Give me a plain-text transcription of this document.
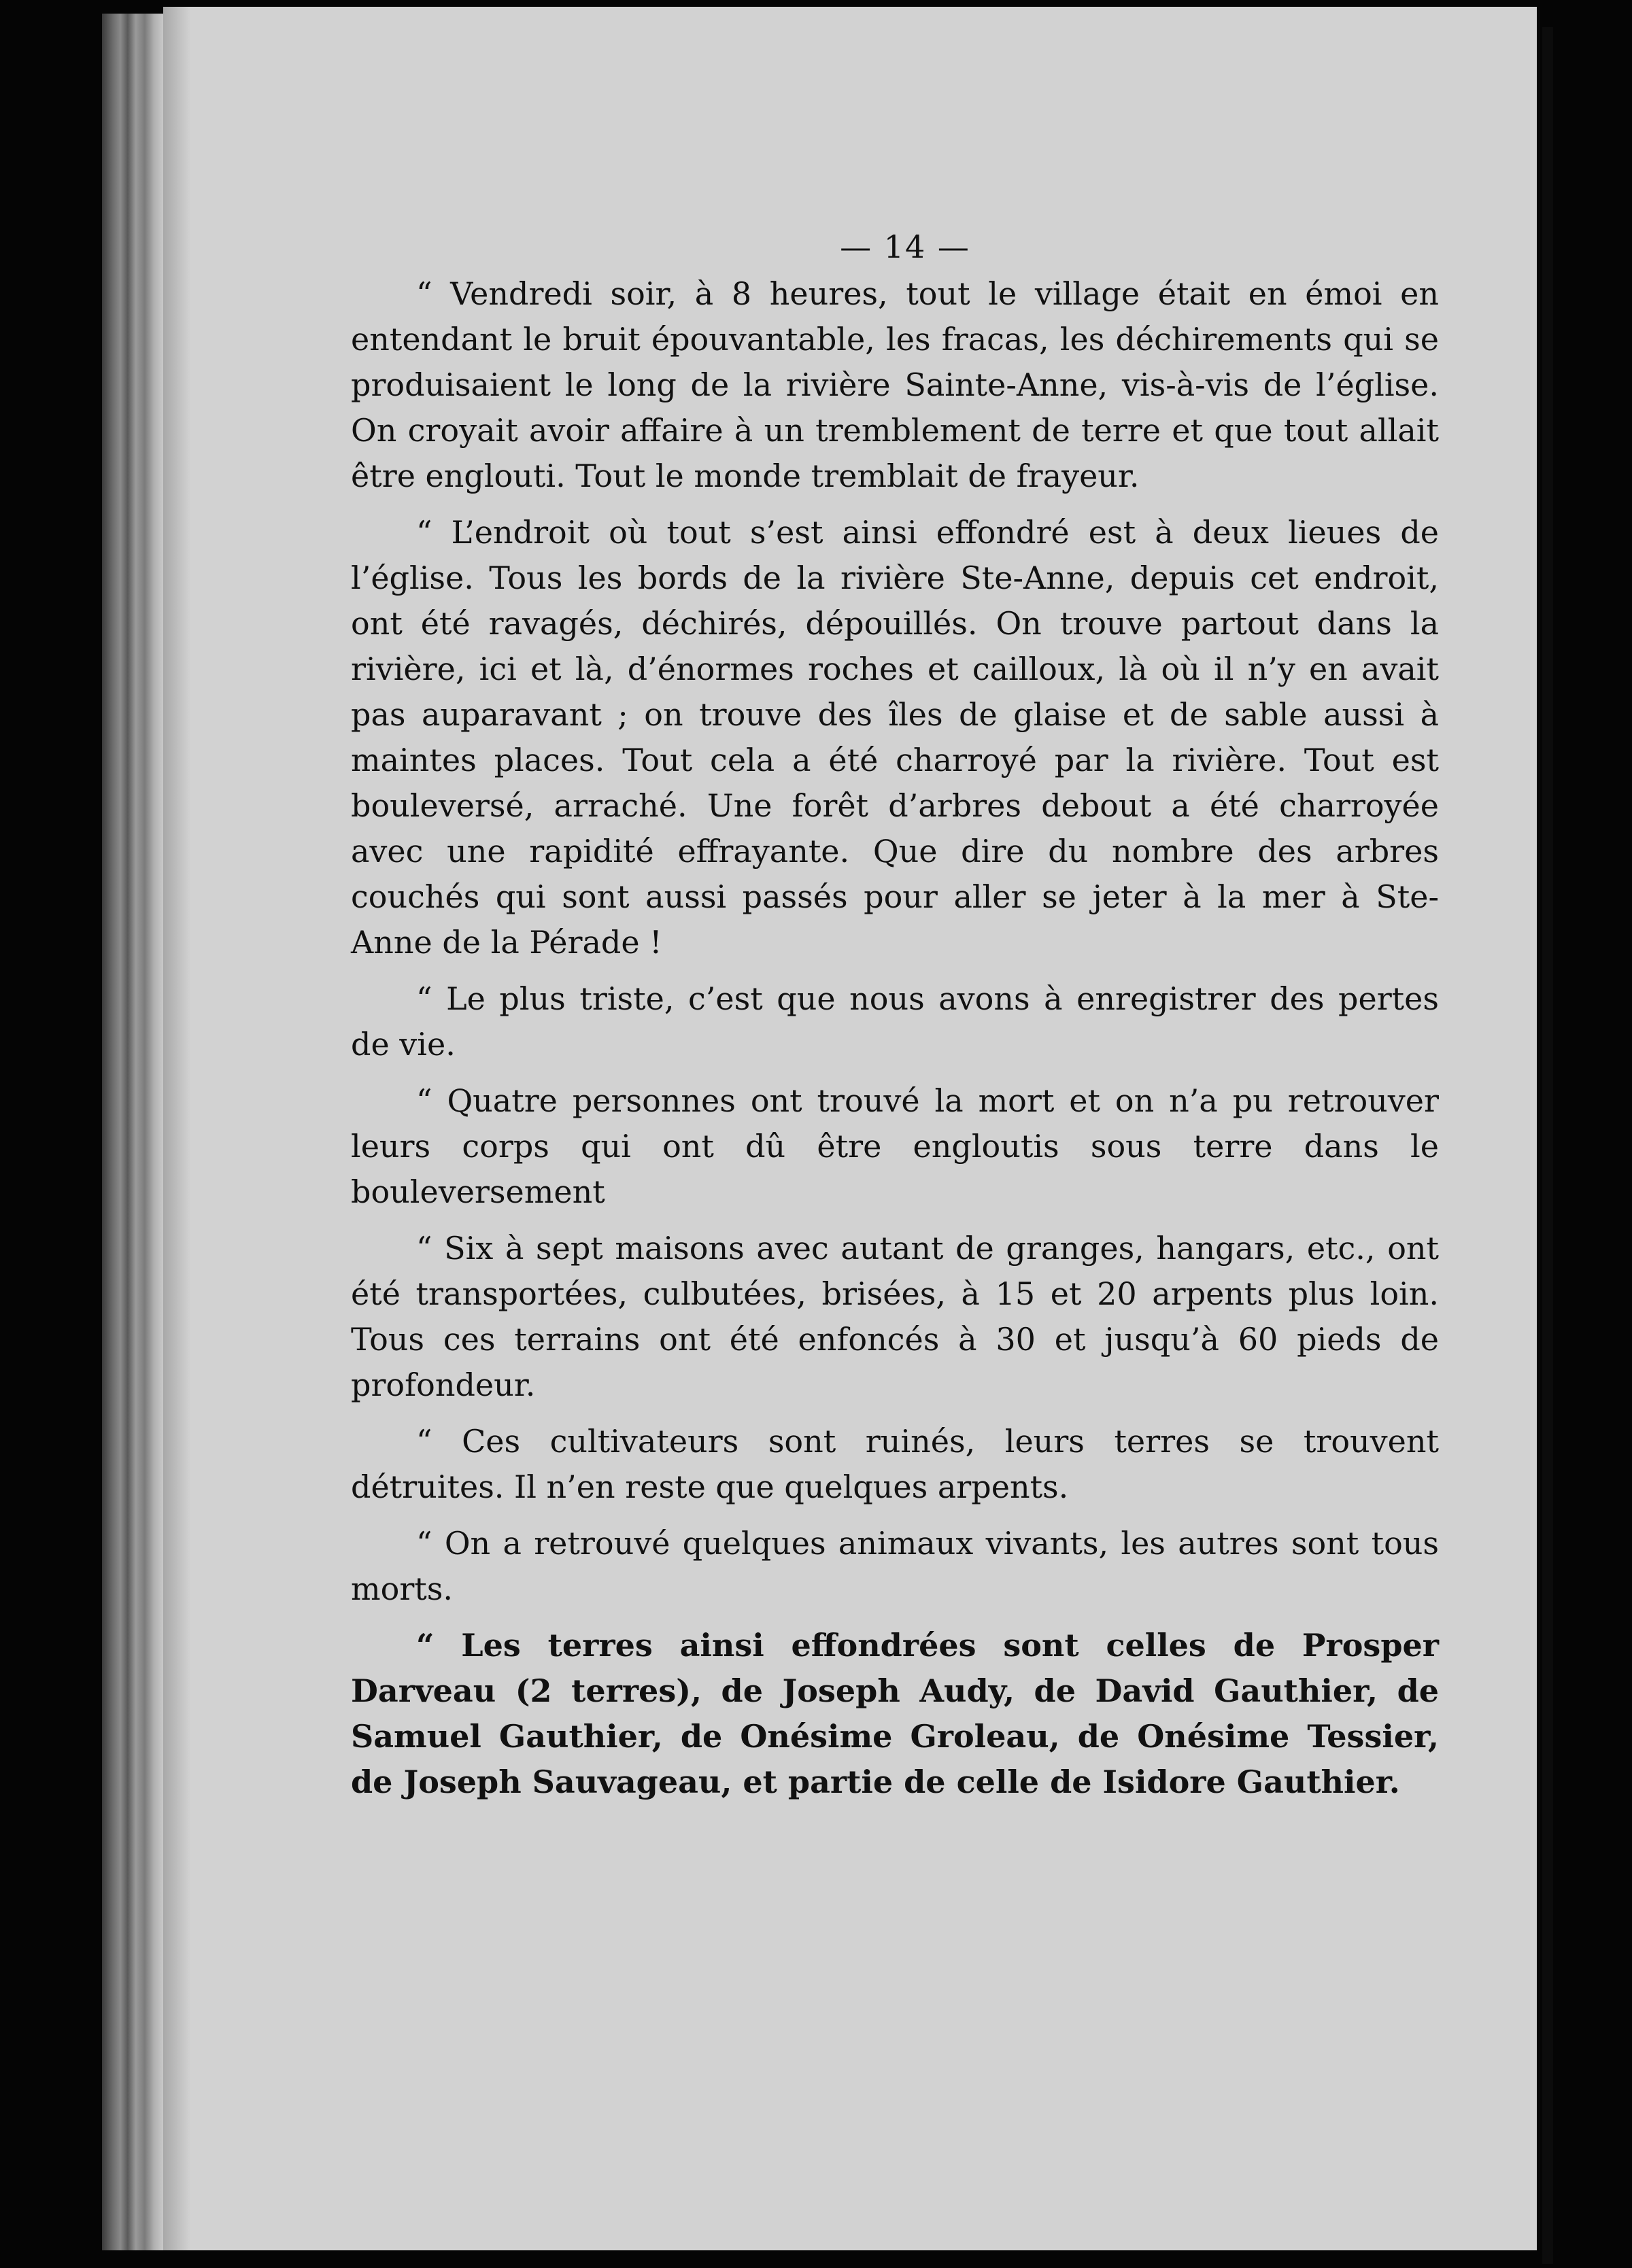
— 14 —

“ Vendredi soir, à 8 heures, tout le village était en émoi en entendant le bruit épouvantable, les fracas, les déchirements qui se produisaient le long de la rivière Sainte-Anne, vis-à-vis de l’église. On croyait avoir affaire à un tremblement de terre et que tout allait être englouti. Tout le monde tremblait de frayeur.

“ L’endroit où tout s’est ainsi effondré est à deux lieues de l’église. Tous les bords de la rivière Ste-Anne, depuis cet endroit, ont été ravagés, déchirés, dépouillés. On trouve partout dans la rivière, ici et là, d’énormes roches et cailloux, là où il n’y en avait pas auparavant ; on trouve des îles de glaise et de sable aussi à maintes places. Tout cela a été charroyé par la rivière. Tout est bouleversé, arraché. Une forêt d’arbres debout a été charroyée avec une rapidité effrayante. Que dire du nombre des arbres couchés qui sont aussi passés pour aller se jeter à la mer à Ste-Anne de la Pérade !

“ Le plus triste, c’est que nous avons à enregistrer des pertes de vie.

“ Quatre personnes ont trouvé la mort et on n’a pu retrouver leurs corps qui ont dû être engloutis sous terre dans le bouleversement

“ Six à sept maisons avec autant de granges, hangars, etc., ont été transportées, culbutées, brisées, à 15 et 20 arpents plus loin. Tous ces terrains ont été enfoncés à 30 et jusqu’à 60 pieds de profondeur.

“ Ces cultivateurs sont ruinés, leurs terres se trouvent détruites. Il n’en reste que quelques arpents.

“ On a retrouvé quelques animaux vivants, les autres sont tous morts.

“ Les terres ainsi effondrées sont celles de Prosper Darveau (2 terres), de Joseph Audy, de David Gauthier, de Samuel Gauthier, de Onésime Groleau, de Onésime Tessier, de Joseph Sauvageau, et partie de celle de Isidore Gauthier.
